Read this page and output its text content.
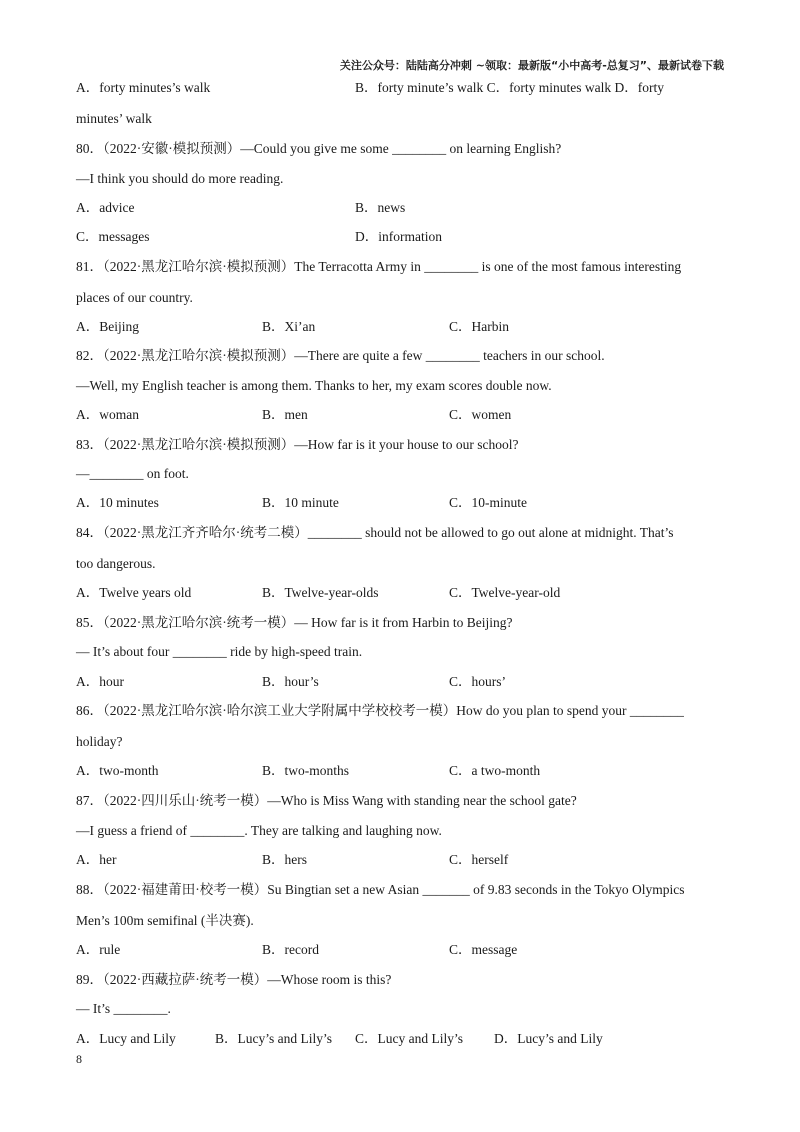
关注公众号：陆陆高分冲刺 ~领取：最新版“小中高考-总复习”、最新试卷下载
A．forty minutes’s walk	B．forty minute’s walk C．forty minutes walk D．forty
minutes’ walk
80．（2022·安徽·模拟预测）—Could you give me some ________ on learning English?
—I think you should do more reading.
A．advice	B．news
C．messages	D．information
81．（2022·黑龙江哈尔滨·模拟预测）The Terracotta Army in ________ is one of the most famous interesting
places of our country.
A．Beijing	B．Xi’an	C．Harbin
82．（2022·黑龙江哈尔滨·模拟预测）—There are quite a few ________ teachers in our school.
—Well, my English teacher is among them. Thanks to her, my exam scores double now.
A．woman	B．men	C．women
83．（2022·黑龙江哈尔滨·模拟预测）—How far is it your house to our school?
—________ on foot.
A．10 minutes	B．10 minute	C．10-minute
84．（2022·黑龙江齐齐哈尔·统考二模）________ should not be allowed to go out alone at midnight. That’s
too dangerous.
A．Twelve years old	B．Twelve-year-olds	C．Twelve-year-old
85．（2022·黑龙江哈尔滨·统考一模）— How far is it from Harbin to Beijing?
— It’s about four ________ ride by high-speed train.
A．hour	B．hour’s	C．hours’
86．（2022·黑龙江哈尔滨·哈尔滨工业大学附属中学校校考一模）How do you plan to spend your ________
holiday?
A．two-month	B．two-months	C．a two-month
87．（2022·四川乐山·统考一模）—Who is Miss Wang with standing near the school gate?
—I guess a friend of ________. They are talking and laughing now.
A．her	B．hers	C．herself
88．（2022·福建莆田·校考一模）Su Bingtian set a new Asian _______ of 9.83 seconds in the Tokyo Olympics
Men’s 100m semifinal (半决赛).
A．rule	B．record	C．message
89．（2022·西藏拉萨·统考一模）—Whose room is this?
— It’s ________.
A．Lucy and Lily	B．Lucy’s and Lily’s C．Lucy and Lily’s D．Lucy’s and Lily
8
